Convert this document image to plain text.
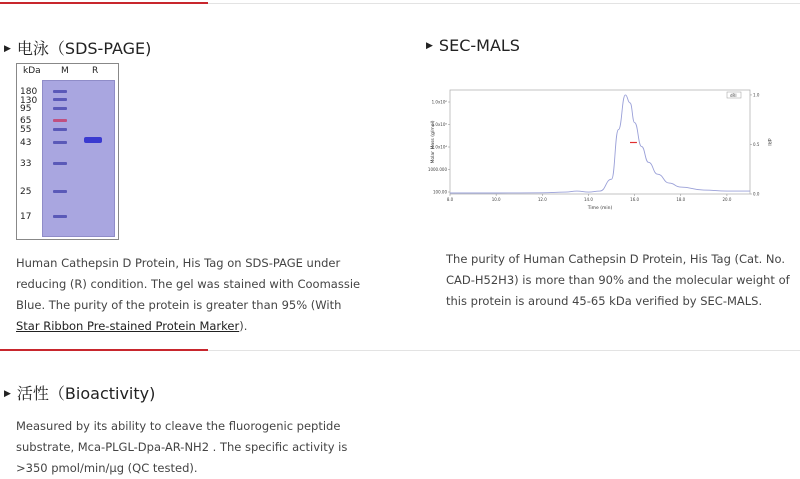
▶ 电泳（SDS-PAGE)
kDa M	R
180
130
95
65
55
43
33
25
17
Human Cathepsin D Protein, His Tag on SDS-PAGE under
reducing (R) condition. The gel was stained with Coomassie
Blue. The purity of the protein is greater than 95% (With
Star Ribbon Pre-stained Protein Marker).
▶ SEC-MALS
8.0	10.0	12.0	14.0	16.0	18.0	20.0
100.00
1000.000
1.0x10⁴
1.0x10⁵
1.0x10⁶
0.0
0.5
1.0
dRI
Time (min)
Molar Mass (g/mol)	dRI
The purity of Human Cathepsin D Protein, His Tag (Cat. No.
CAD-H52H3) is more than 90% and the molecular weight of
this protein is around 45-65 kDa verified by SEC-MALS.
▶ 活性（Bioactivity)
Measured by its ability to cleave the fluorogenic peptide
substrate, Mca-PLGL-Dpa-AR-NH2 . The specific activity is
>350 pmol/min/μg (QC tested).
